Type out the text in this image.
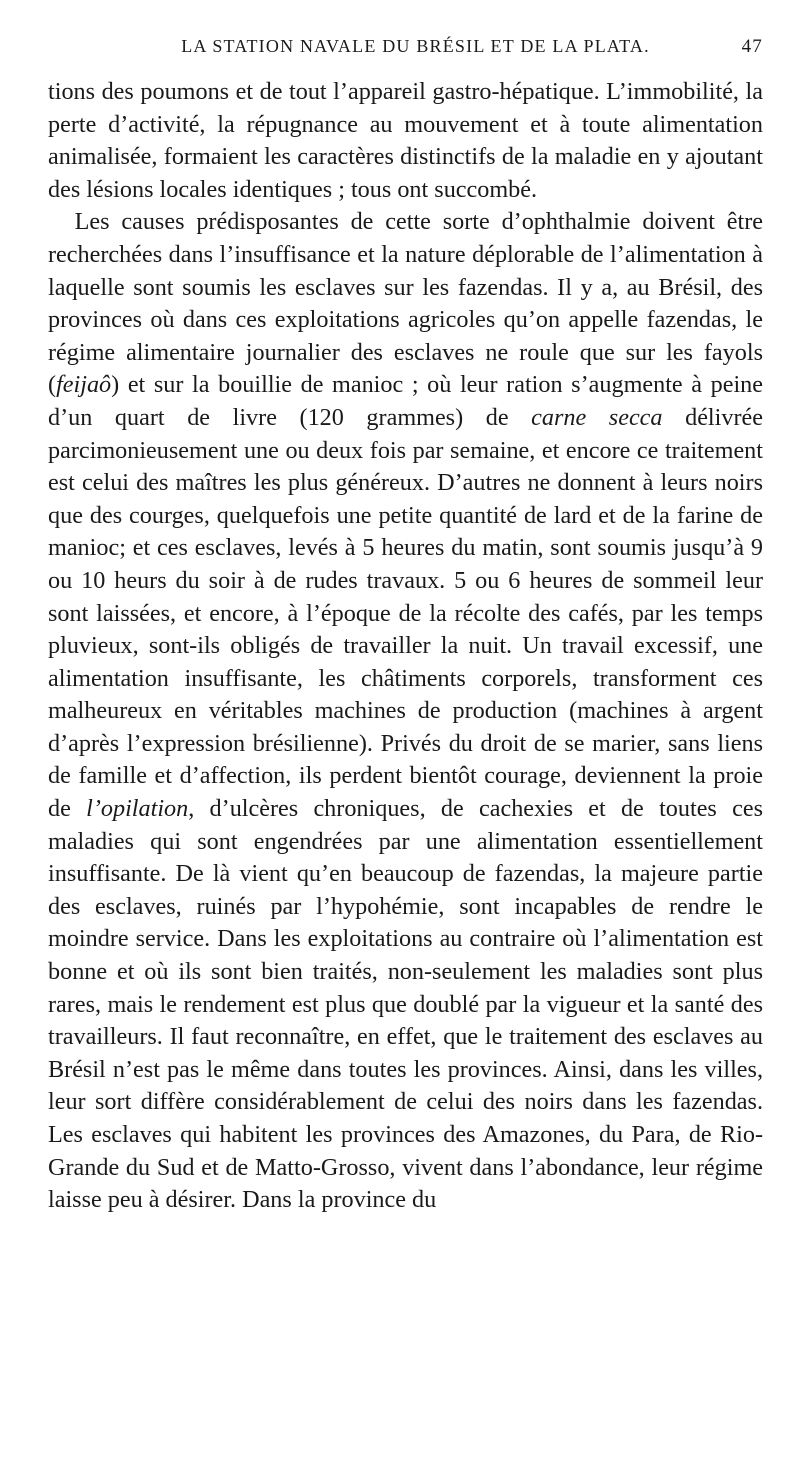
LA STATION NAVALE DU BRÉSIL ET DE LA PLATA.	47

tions des poumons et de tout l’appareil gastro-hépatique. L’immobilité, la perte d’activité, la répugnance au mouvement et à toute alimentation animalisée, formaient les caractères distinctifs de la maladie en y ajoutant des lésions locales identiques ; tous ont succombé.

Les causes prédisposantes de cette sorte d’ophthalmie doivent être recherchées dans l’insuffisance et la nature déplorable de l’alimentation à laquelle sont soumis les esclaves sur les fazendas. Il y a, au Brésil, des provinces où dans ces exploitations agricoles qu’on appelle fazendas, le régime alimentaire journalier des esclaves ne roule que sur les fayols (feijaô) et sur la bouillie de manioc ; où leur ration s’augmente à peine d’un quart de livre (120 grammes) de carne secca délivrée parcimonieusement une ou deux fois par semaine, et encore ce traitement est celui des maîtres les plus généreux. D’autres ne donnent à leurs noirs que des courges, quelquefois une petite quantité de lard et de la farine de manioc; et ces esclaves, levés à 5 heures du matin, sont soumis jusqu’à 9 ou 10 heurs du soir à de rudes travaux. 5 ou 6 heures de sommeil leur sont laissées, et encore, à l’époque de la récolte des cafés, par les temps pluvieux, sont-ils obligés de travailler la nuit. Un travail excessif, une alimentation insuffisante, les châtiments corporels, transforment ces malheureux en véritables machines de production (machines à argent d’après l’expression brésilienne). Privés du droit de se marier, sans liens de famille et d’affection, ils perdent bientôt courage, deviennent la proie de l’opilation, d’ulcères chroniques, de cachexies et de toutes ces maladies qui sont engendrées par une alimentation essentiellement insuffisante. De là vient qu’en beaucoup de fazendas, la majeure partie des esclaves, ruinés par l’hypohémie, sont incapables de rendre le moindre service. Dans les exploitations au contraire où l’alimentation est bonne et où ils sont bien traités, non-seulement les maladies sont plus rares, mais le rendement est plus que doublé par la vigueur et la santé des travailleurs. Il faut reconnaître, en effet, que le traitement des esclaves au Brésil n’est pas le même dans toutes les provinces. Ainsi, dans les villes, leur sort diffère considérablement de celui des noirs dans les fazendas. Les esclaves qui habitent les provinces des Amazones, du Para, de Rio-Grande du Sud et de Matto-Grosso, vivent dans l’abondance, leur régime laisse peu à désirer. Dans la province du
